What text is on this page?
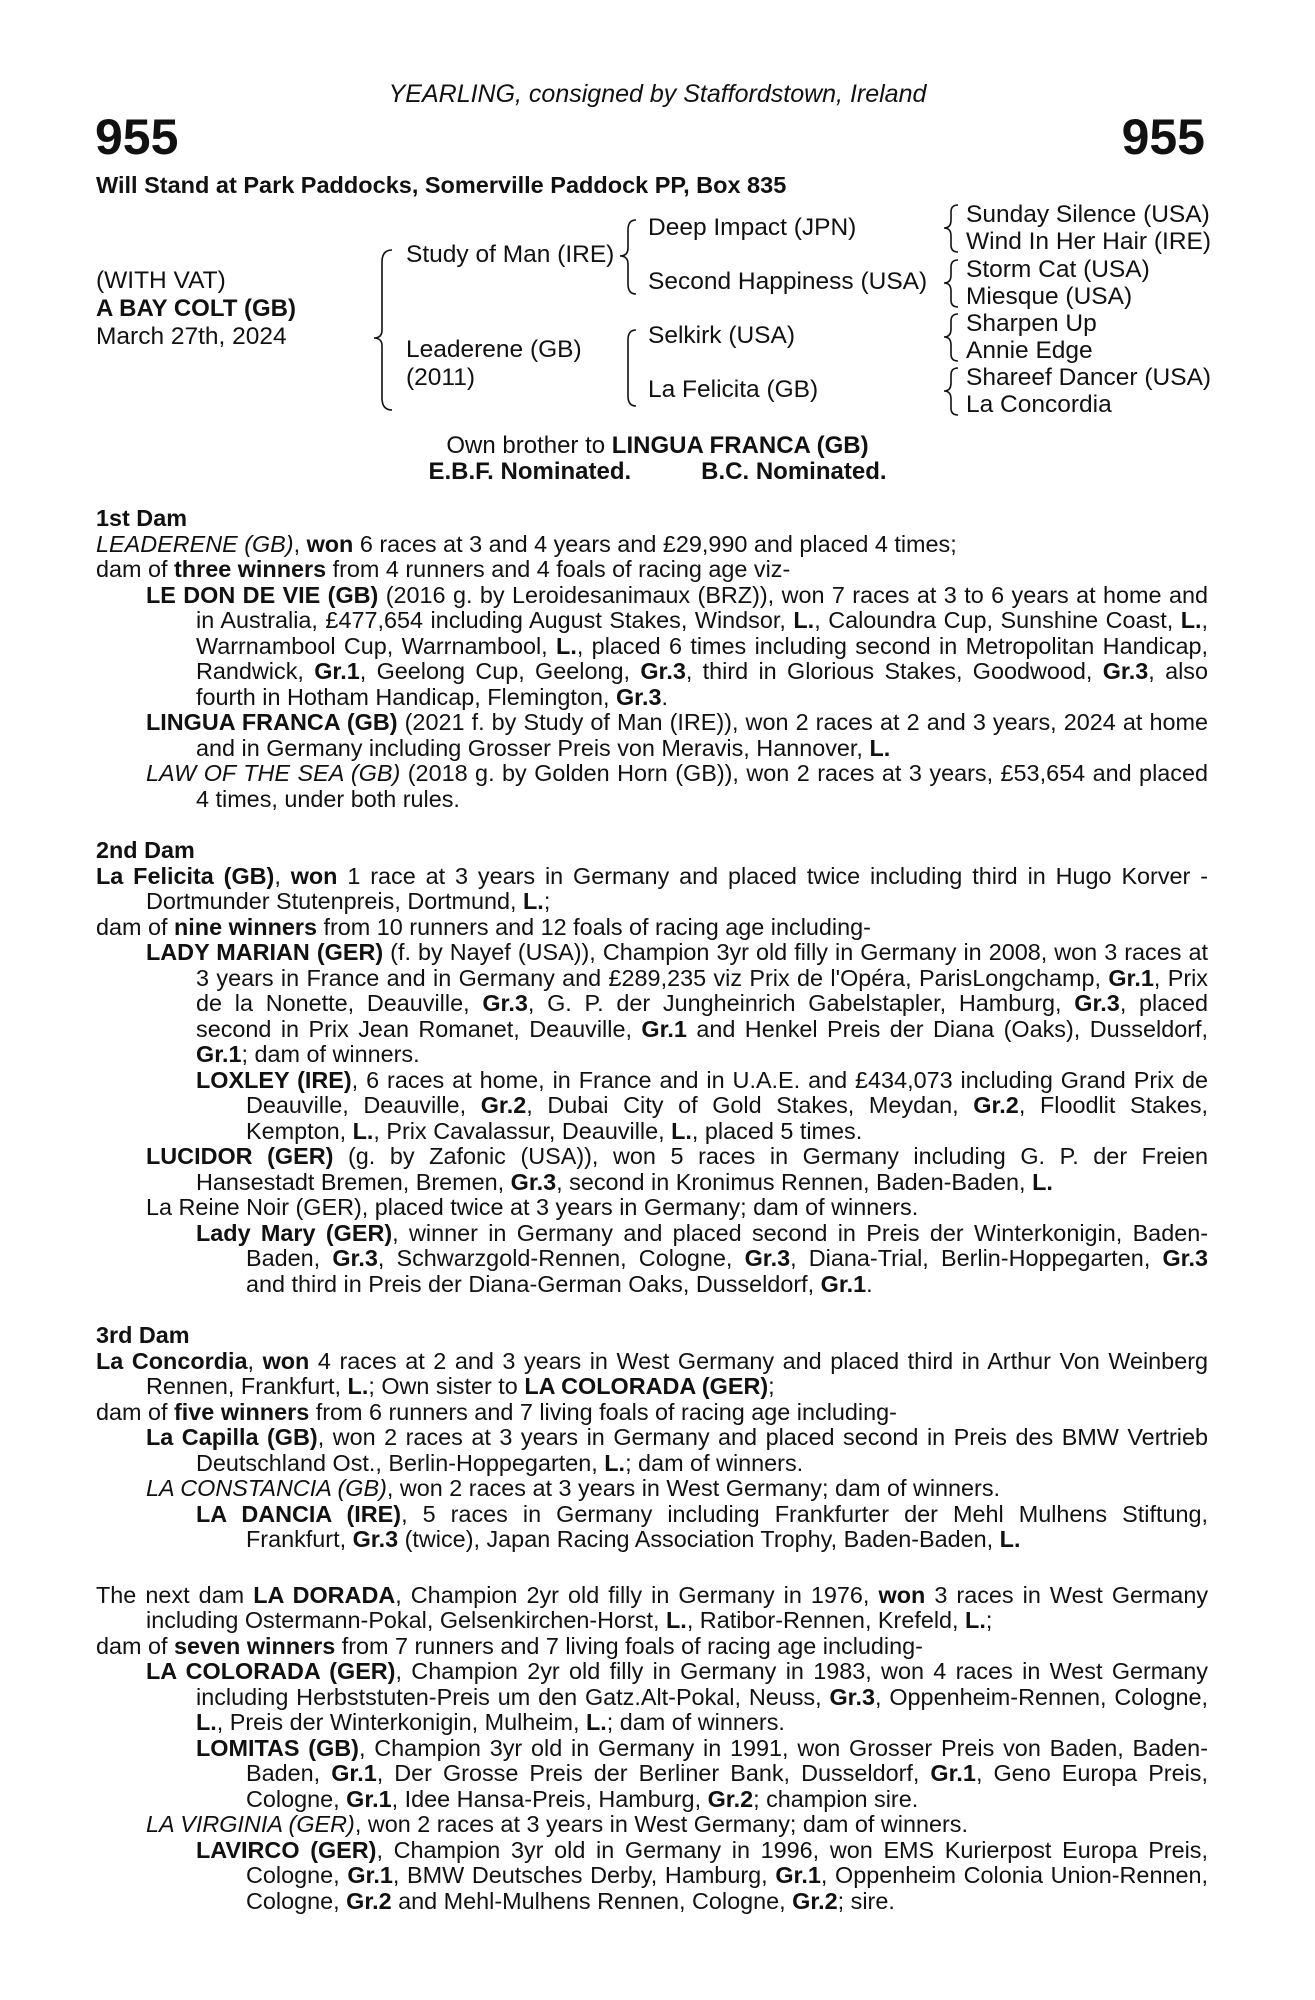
YEARLING, consigned by Staffordstown, Ireland
955	955
Will Stand at Park Paddocks, Somerville Paddock PP, Box 835
(WITH VAT)
A BAY COLT (GB)
March 27th, 2024
Study of Man (IRE)
Leaderene (GB)
(2011)
Deep Impact (JPN)
Second Happiness (USA)
Selkirk (USA)
La Felicita (GB)
Sunday Silence (USA)
Wind In Her Hair (IRE)
Storm Cat (USA)
Miesque (USA)
Sharpen Up
Annie Edge
Shareef Dancer (USA)
La Concordia
Own brother to LINGUA FRANCA (GB)
E.B.F. Nominated.	B.C. Nominated.
1st Dam
LEADERENE (GB), won 6 races at 3 and 4 years and £29,990 and placed 4 times;
dam of three winners from 4 runners and 4 foals of racing age viz-
LE DON DE VIE (GB) (2016 g. by Leroidesanimaux (BRZ)), won 7 races at 3 to 6 years at home and in Australia, £477,654 including August Stakes, Windsor, L., Caloundra Cup, Sunshine Coast, L., Warrnambool Cup, Warrnambool, L., placed 6 times including second in Metropolitan Handicap, Randwick, Gr.1, Geelong Cup, Geelong, Gr.3, third in Glorious Stakes, Goodwood, Gr.3, also fourth in Hotham Handicap, Flemington, Gr.3.
LINGUA FRANCA (GB) (2021 f. by Study of Man (IRE)), won 2 races at 2 and 3 years, 2024 at home and in Germany including Grosser Preis von Meravis, Hannover, L.
LAW OF THE SEA (GB) (2018 g. by Golden Horn (GB)), won 2 races at 3 years, £53,654 and placed 4 times, under both rules.
2nd Dam
La Felicita (GB), won 1 race at 3 years in Germany and placed twice including third in Hugo Korver - Dortmunder Stutenpreis, Dortmund, L.;
dam of nine winners from 10 runners and 12 foals of racing age including-
LADY MARIAN (GER) (f. by Nayef (USA)), Champion 3yr old filly in Germany in 2008, won 3 races at 3 years in France and in Germany and £289,235 viz Prix de l'Opéra, ParisLongchamp, Gr.1, Prix de la Nonette, Deauville, Gr.3, G. P. der Jungheinrich Gabelstapler, Hamburg, Gr.3, placed second in Prix Jean Romanet, Deauville, Gr.1 and Henkel Preis der Diana (Oaks), Dusseldorf, Gr.1; dam of winners.
LOXLEY (IRE), 6 races at home, in France and in U.A.E. and £434,073 including Grand Prix de Deauville, Deauville, Gr.2, Dubai City of Gold Stakes, Meydan, Gr.2, Floodlit Stakes, Kempton, L., Prix Cavalassur, Deauville, L., placed 5 times.
LUCIDOR (GER) (g. by Zafonic (USA)), won 5 races in Germany including G. P. der Freien Hansestadt Bremen, Bremen, Gr.3, second in Kronimus Rennen, Baden-Baden, L.
La Reine Noir (GER), placed twice at 3 years in Germany; dam of winners.
Lady Mary (GER), winner in Germany and placed second in Preis der Winterkonigin, Baden-Baden, Gr.3, Schwarzgold-Rennen, Cologne, Gr.3, Diana-Trial, Berlin-Hoppegarten, Gr.3 and third in Preis der Diana-German Oaks, Dusseldorf, Gr.1.
3rd Dam
La Concordia, won 4 races at 2 and 3 years in West Germany and placed third in Arthur Von Weinberg Rennen, Frankfurt, L.; Own sister to LA COLORADA (GER);
dam of five winners from 6 runners and 7 living foals of racing age including-
La Capilla (GB), won 2 races at 3 years in Germany and placed second in Preis des BMW Vertrieb Deutschland Ost., Berlin-Hoppegarten, L.; dam of winners.
LA CONSTANCIA (GB), won 2 races at 3 years in West Germany; dam of winners.
LA DANCIA (IRE), 5 races in Germany including Frankfurter der Mehl Mulhens Stiftung, Frankfurt, Gr.3 (twice), Japan Racing Association Trophy, Baden-Baden, L.
The next dam LA DORADA, Champion 2yr old filly in Germany in 1976, won 3 races in West Germany including Ostermann-Pokal, Gelsenkirchen-Horst, L., Ratibor-Rennen, Krefeld, L.;
dam of seven winners from 7 runners and 7 living foals of racing age including-
LA COLORADA (GER), Champion 2yr old filly in Germany in 1983, won 4 races in West Germany including Herbststuten-Preis um den Gatz.Alt-Pokal, Neuss, Gr.3, Oppenheim-Rennen, Cologne, L., Preis der Winterkonigin, Mulheim, L.; dam of winners.
LOMITAS (GB), Champion 3yr old in Germany in 1991, won Grosser Preis von Baden, Baden-Baden, Gr.1, Der Grosse Preis der Berliner Bank, Dusseldorf, Gr.1, Geno Europa Preis, Cologne, Gr.1, Idee Hansa-Preis, Hamburg, Gr.2; champion sire.
LA VIRGINIA (GER), won 2 races at 3 years in West Germany; dam of winners.
LAVIRCO (GER), Champion 3yr old in Germany in 1996, won EMS Kurierpost Europa Preis, Cologne, Gr.1, BMW Deutsches Derby, Hamburg, Gr.1, Oppenheim Colonia Union-Rennen, Cologne, Gr.2 and Mehl-Mulhens Rennen, Cologne, Gr.2; sire.
